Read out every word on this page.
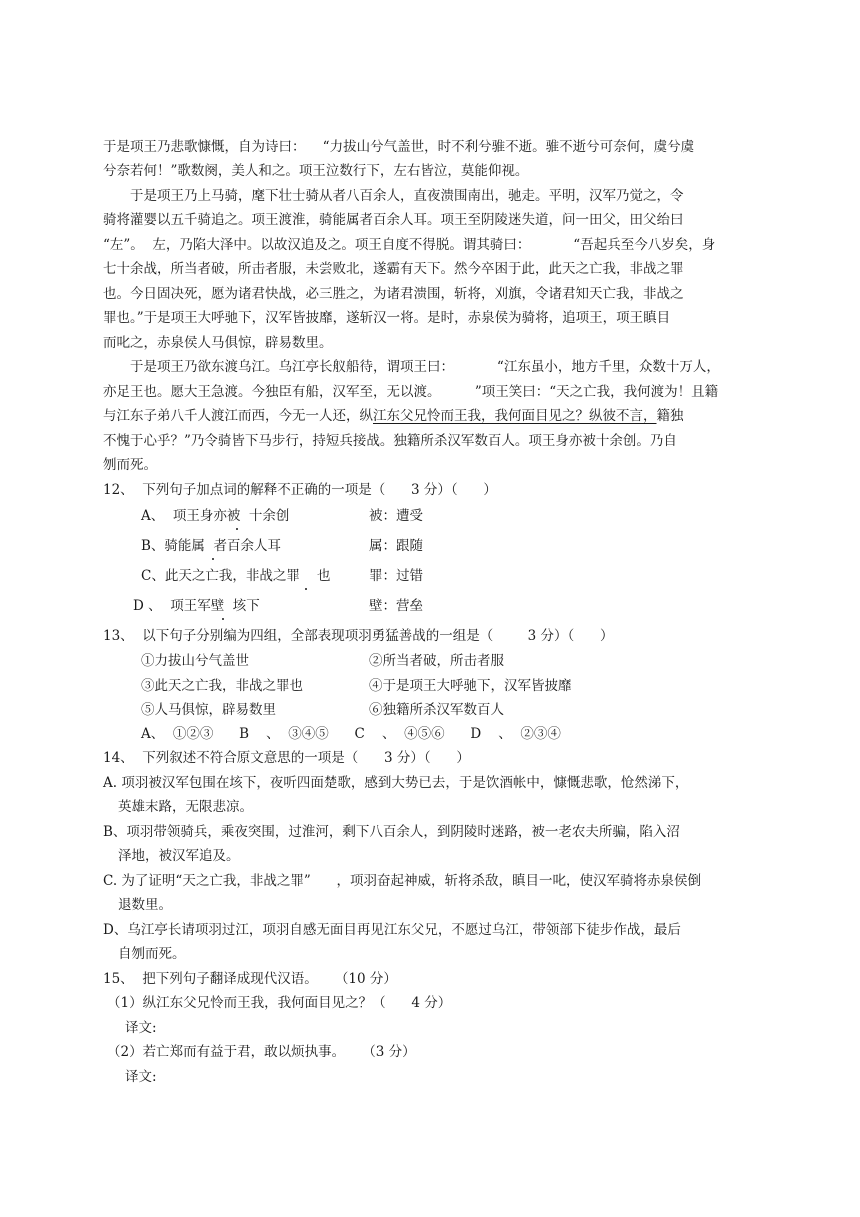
于是项王乃悲歌慷慨，自为诗曰：    “力拔山兮气盖世，时不利兮骓不逝。骓不逝兮可奈何，虞兮虞
兮奈若何！”歌数阕，美人和之。项王泣数行下，左右皆泣，莫能仰视。
于是项王乃上马骑，麾下壮士骑从者八百余人，直夜溃围南出，驰走。平明，汉军乃觉之，令
骑将灌婴以五千骑追之。项王渡淮，骑能属者百余人耳。项王至阴陵迷失道，问一田父，田父绐曰
“左”。  左，乃陷大泽中。以故汉追及之。项王自度不得脱。谓其骑曰：          “吾起兵至今八岁矣，身
七十余战，所当者破，所击者服，未尝败北，遂霸有天下。然今卒困于此，此天之亡我，非战之罪
也。今日固决死，愿为诸君快战，必三胜之，为诸君溃围，斩将，刈旗，令诸君知天亡我，非战之
罪也。”于是项王大呼驰下，汉军皆披靡，遂斩汉一将。是时，赤泉侯为骑将，追项王，项王瞋目
而叱之，赤泉侯人马俱惊，辟易数里。
于是项王乃欲东渡乌江。乌江亭长舣船待，谓项王曰：          “江东虽小，地方千里，众数十万人，
亦足王也。愿大王急渡。今独臣有船，汉军至，无以渡。        ”项王笑曰：“天之亡我，我何渡为！且籍
与江东子弟八千人渡江而西，今无一人还，纵江东父兄怜而王我，我何面目见之？纵彼不言，籍独
不愧于心乎？”乃令骑皆下马步行，持短兵接战。独籍所杀汉军数百人。项王身亦被十余创。乃自
刎而死。
12、  下列句子加点词的解释不正确的一项是（      3 分）（      ）
A、  项王身亦被  十余创	被：遭受
B、骑能属  者百余人耳	属：跟随
C、此天之亡我，非战之罪    也	罪：过错
D 、  项王军壁  垓下	壁：营垒
13、  以下句子分别编为四组，全部表现项羽勇猛善战的一组是（        3 分）（      ）
①力拔山兮气盖世	②所当者破，所击者服
③此天之亡我，非战之罪也	④于是项王大呼驰下，汉军皆披靡
⑤人马俱惊，辟易数里	⑥独籍所杀汉军数百人
A、  ①②③      B    、  ③④⑤      C    、  ④⑤⑥      D    、  ②③④
14、  下列叙述不符合原文意思的一项是（      3 分）（      ）
A. 项羽被汉军包围在垓下，夜听四面楚歌，感到大势已去，于是饮酒帐中，慷慨悲歌，怆然涕下，
英雄末路，无限悲凉。
B、项羽带领骑兵，乘夜突围，过淮河，剩下八百余人，到阴陵时迷路，被一老农夫所骗，陷入沼
泽地，被汉军追及。
C. 为了证明“天之亡我，非战之罪”      ，项羽奋起神威，斩将杀敌，瞋目一叱，使汉军骑将赤泉侯倒
退数里。
D、乌江亭长请项羽过江，项羽自感无面目再见江东父兄，不愿过乌江，带领部下徒步作战，最后
自刎而死。
15、  把下列句子翻译成现代汉语。    （10 分）
（1）纵江东父兄怜而王我，我何面目见之？（      4 分）
译文:
（2）若亡郑而有益于君，敢以烦执事。    （3 分）
译文:
